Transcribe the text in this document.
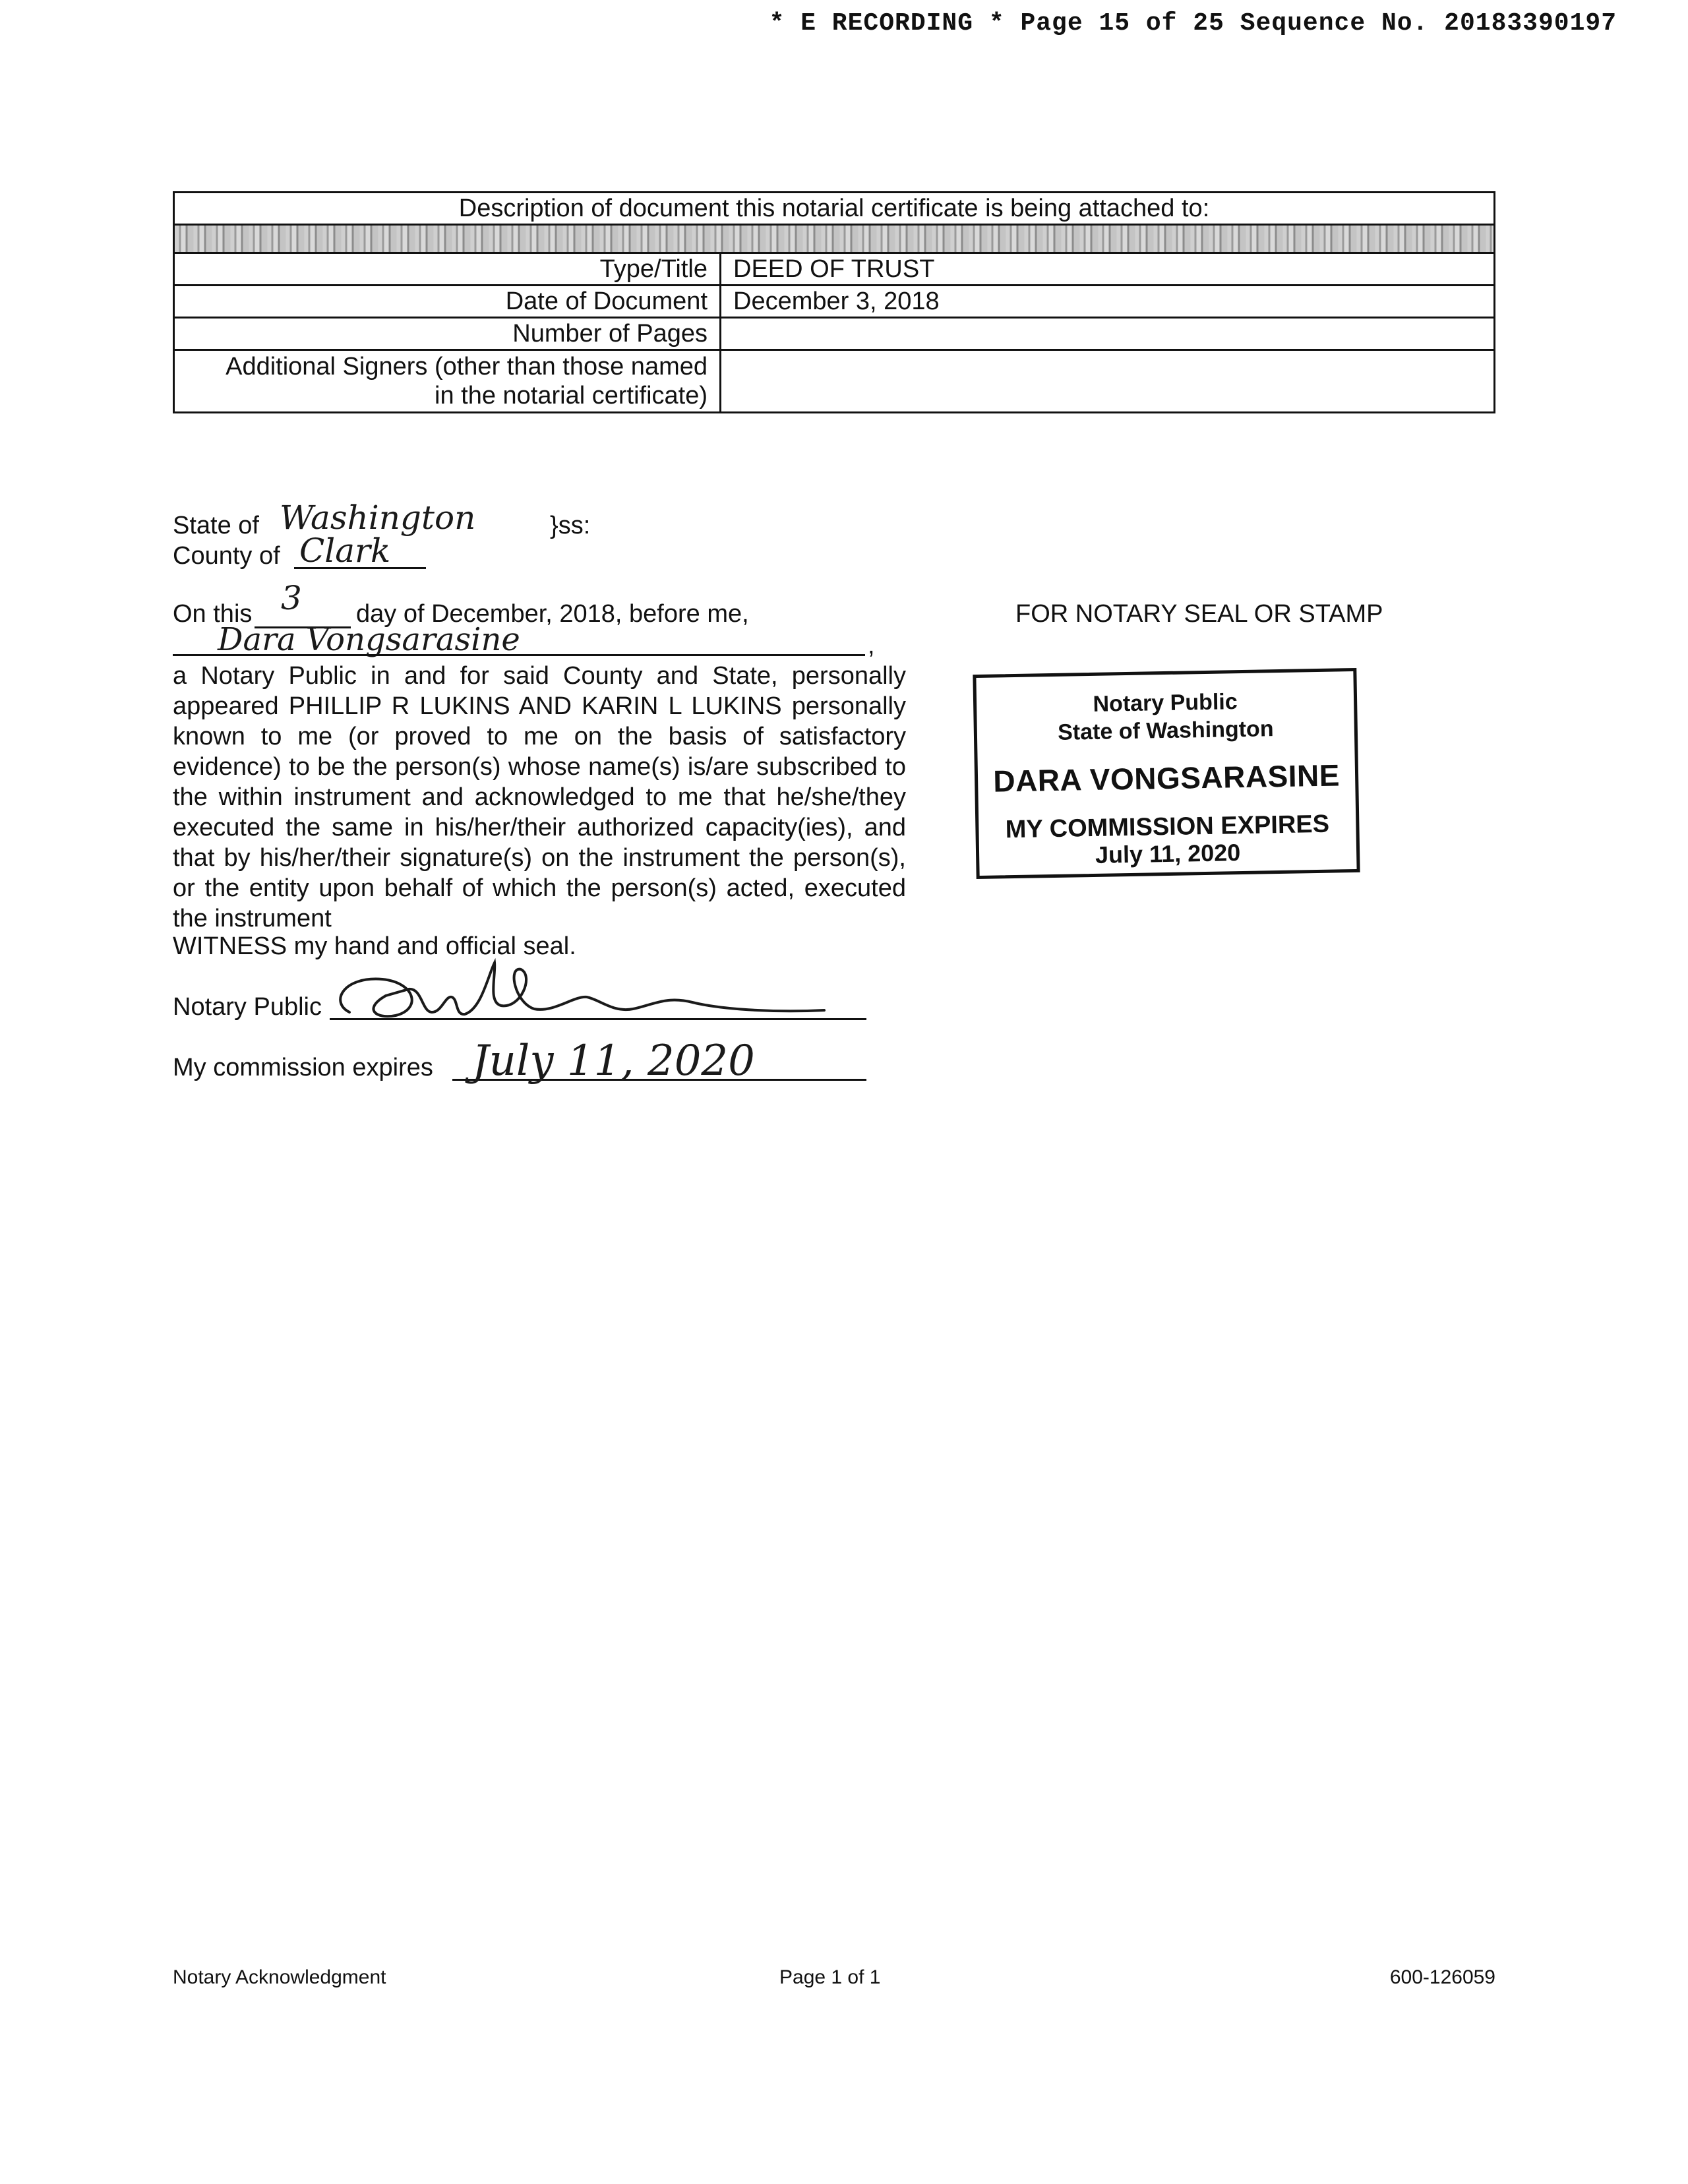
* E RECORDING * Page 15 of 25 Sequence No. 20183390197
Description of document this notarial certificate is being attached to:	

Type/Title	DEED OF TRUST
Date of Document	December 3, 2018
Number of Pages	
Additional Signers (other than those named
in the notarial certificate)	
State of Washington	}ss:
County of Clark
On this 3 day of December, 2018, before me,
Dara Vongsarasine	,
a Notary Public in and for said County and State, personally appeared PHILLIP R LUKINS AND KARIN L LUKINS personally known to me (or proved to me on the basis of satisfactory evidence) to be the person(s) whose name(s) is/are subscribed to the within instrument and acknowledged to me that he/she/they executed the same in his/her/their authorized capacity(ies), and that by his/her/their signature(s) on the instrument the person(s), or the entity upon behalf of which the person(s) acted, executed the instrument
WITNESS my hand and official seal.
Notary Public
My commission expires July 11, 2020
FOR NOTARY SEAL OR STAMP
Notary Public
State of Washington
DARA VONGSARASINE
MY COMMISSION EXPIRES
July 11, 2020
Notary Acknowledgment	Page 1 of 1	600-126059
